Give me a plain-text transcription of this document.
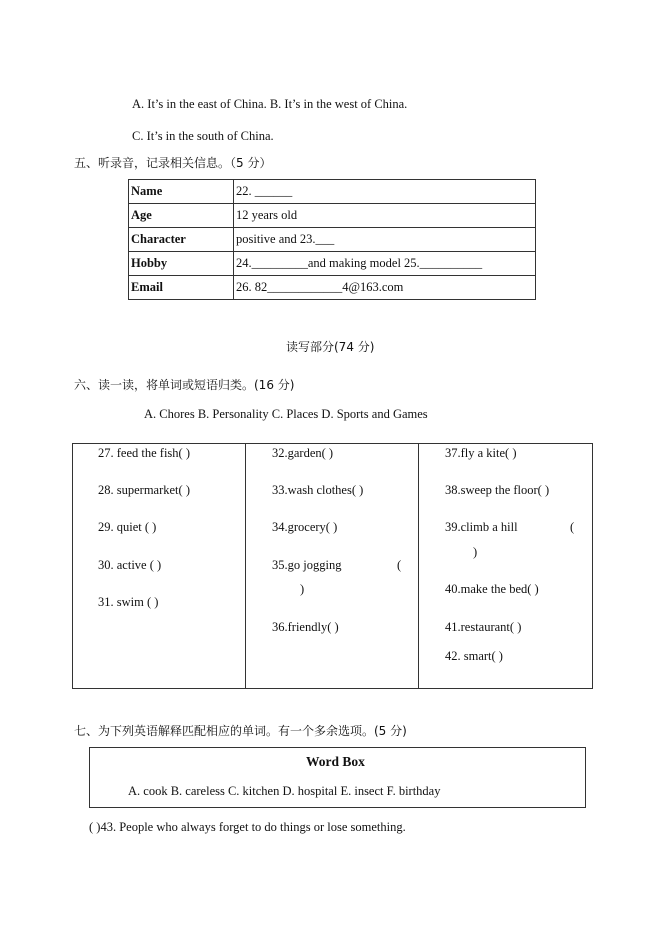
A. It’s in the east of China. B. It’s in the west of China.
C. It’s in the south of China.
五、听录音，记录相关信息。（5 分）
Name	22. ______
Age	12 years old
Character	positive and 23.___
Hobby	24._________and making model 25.__________
Email	26. 82____________4@163.com
读写部分(74 分)
六、读一读，将单词或短语归类。(16 分)
A. Chores B. Personality C. Places D. Sports and Games
27. feed the fish( )
28. supermarket( )
29. quiet ( )
30. active ( )
31. swim ( )
32.garden( )
33.wash clothes( )
34.grocery( )
35.go jogging	(
)
36.friendly( )
37.fly a kite( )
38.sweep the floor( )
39.climb a hill	(
)
40.make the bed( )
41.restaurant( )
42. smart( )
七、为下列英语解释匹配相应的单词。有一个多余选项。(5 分)
Word Box
A. cook B. careless C. kitchen D. hospital E. insect F. birthday
( )43. People who always forget to do things or lose something.
